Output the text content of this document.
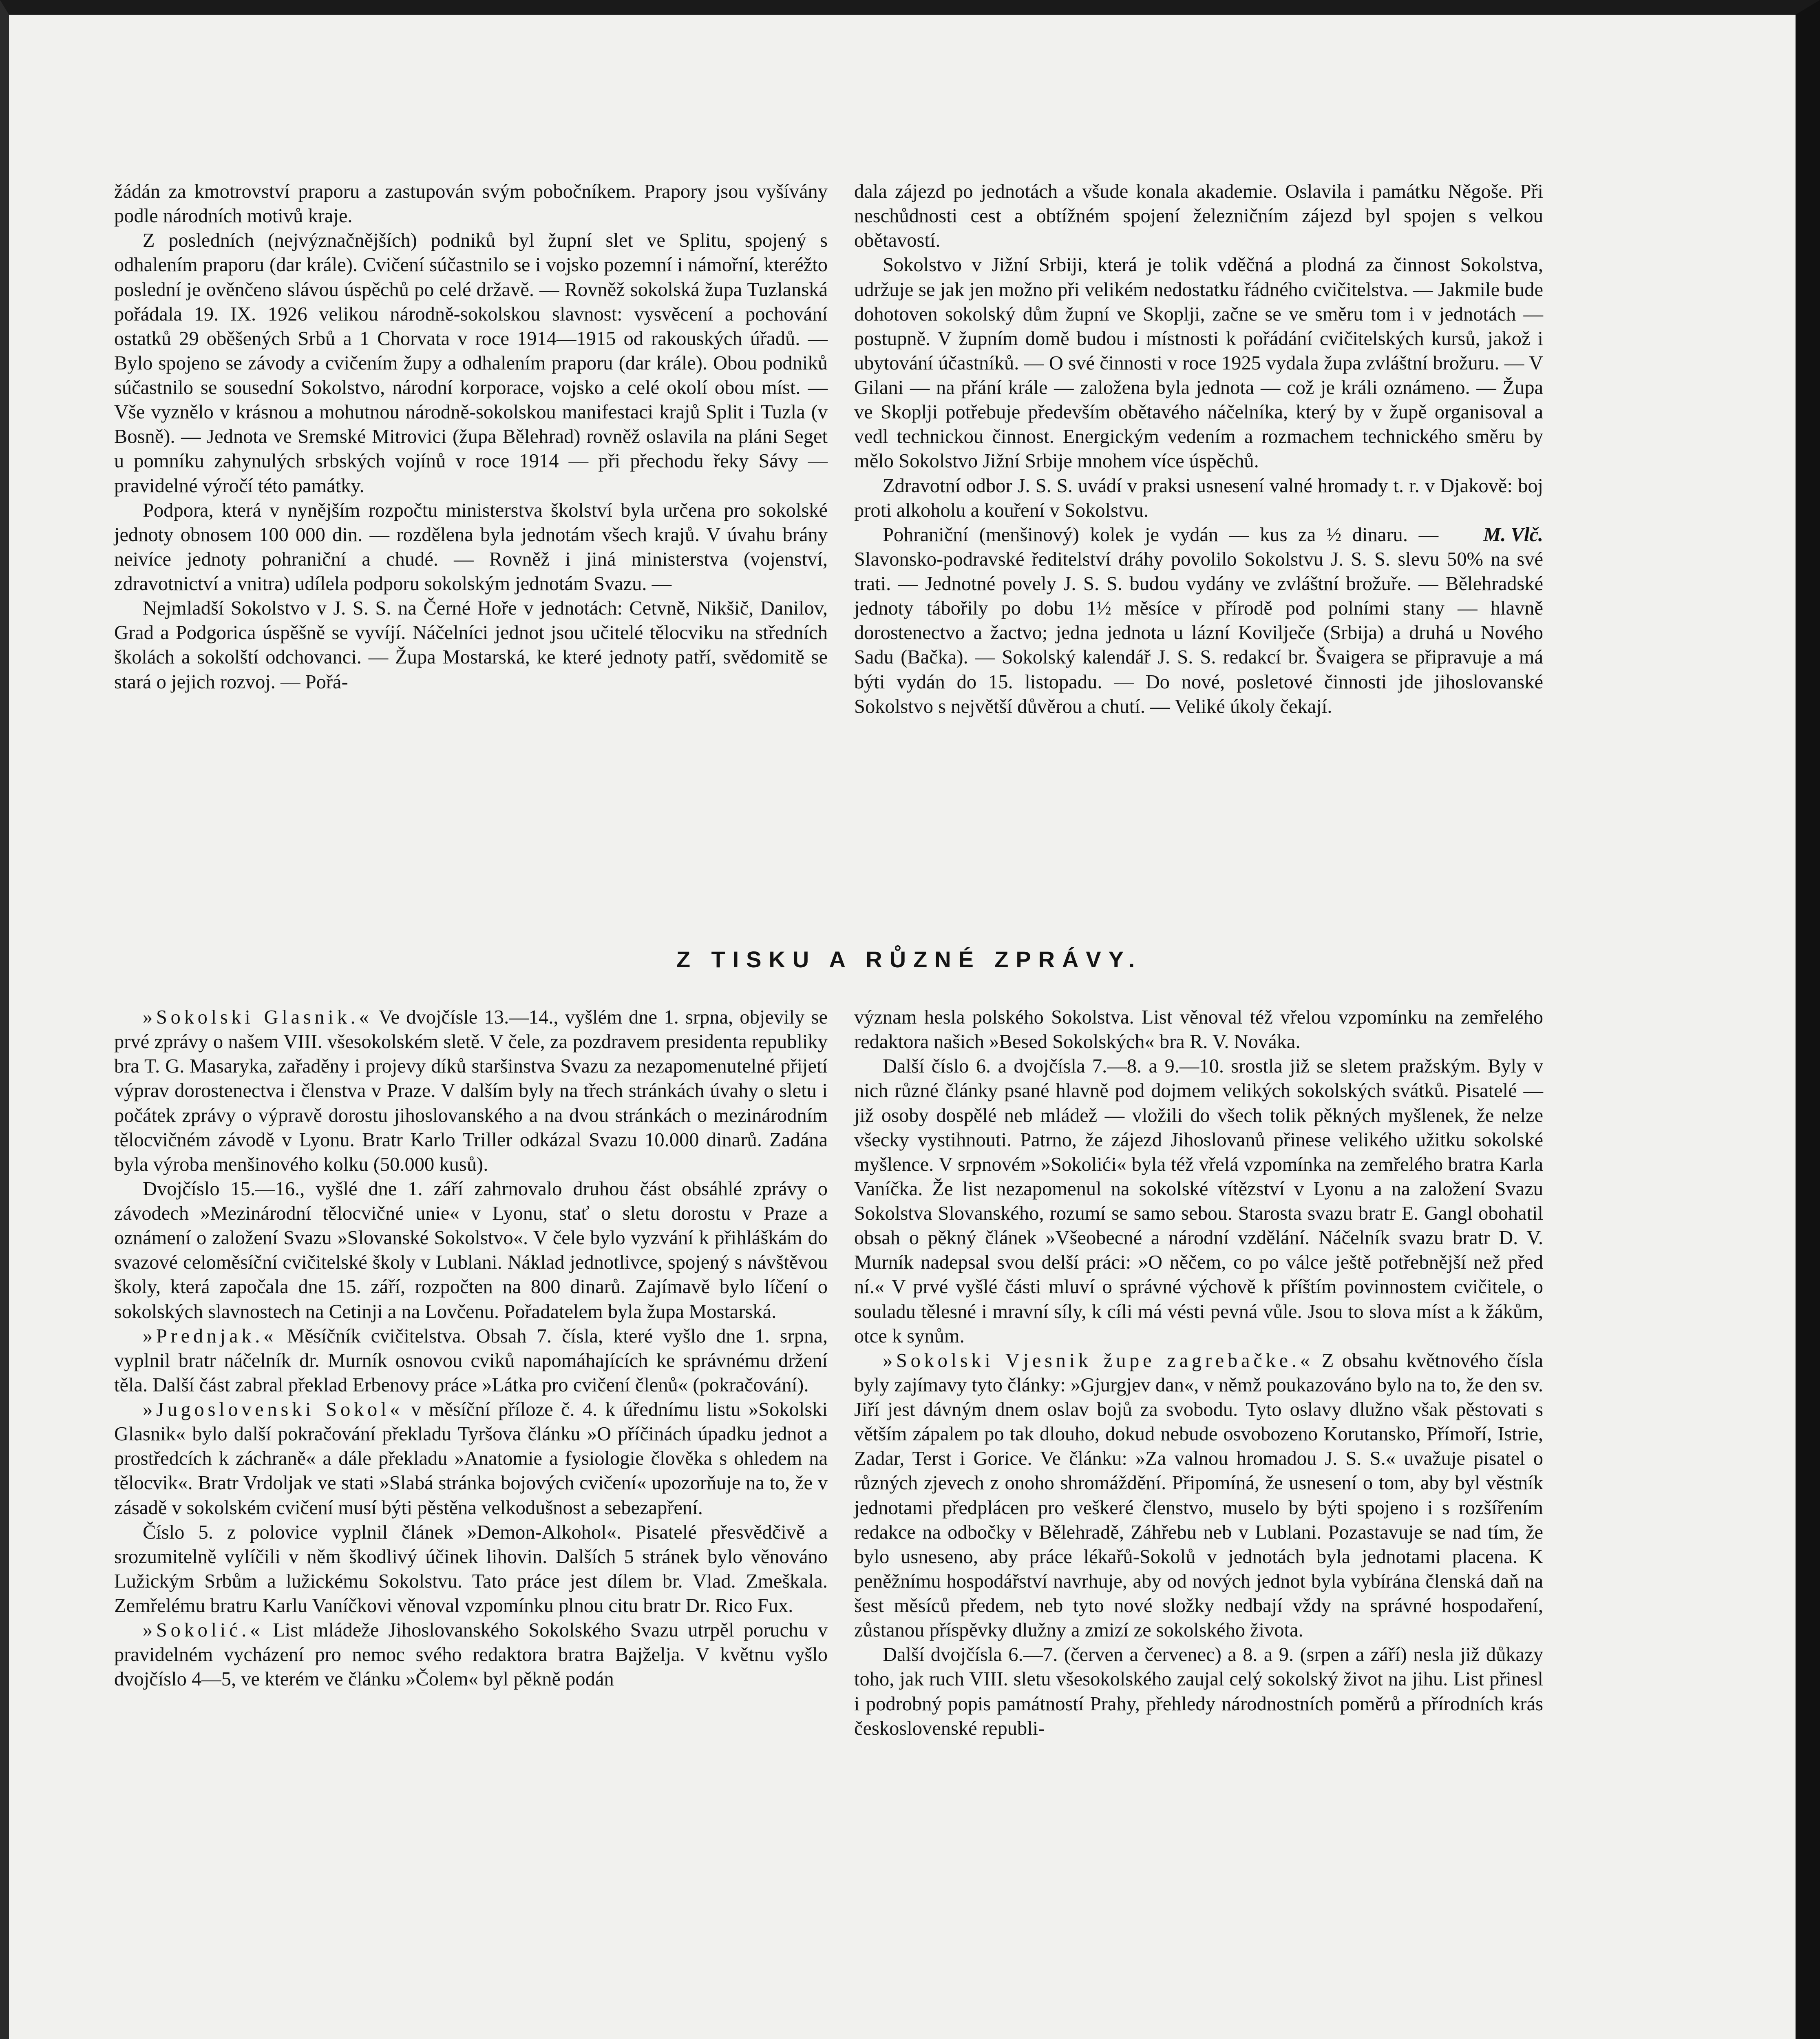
žádán za kmotrovství praporu a zastupován svým pobočníkem. Prapory jsou vyšívány podle národních motivů kraje.

Z posledních (nejvýznačnějších) podniků byl župní slet ve Splitu, spojený s odhalením praporu (dar krále). Cvičení súčastnilo se i vojsko pozemní i námořní, kteréžto poslední je ověnčeno slávou úspěchů po celé državě. — Rovněž sokolská župa Tuzlanská pořádala 19. IX. 1926 velikou národně-sokolskou slavnost: vysvěcení a pochování ostatků 29 oběšených Srbů a 1 Chorvata v roce 1914—1915 od rakouských úřadů. — Bylo spojeno se závody a cvičením župy a odhalením praporu (dar krále). Obou podniků súčastnilo se sousední Sokolstvo, národní korporace, vojsko a celé okolí obou míst. — Vše vyznělo v krásnou a mohutnou národně-sokolskou manifestaci krajů Split i Tuzla (v Bosně). — Jednota ve Sremské Mitrovici (župa Bělehrad) rovněž oslavila na pláni Seget u pomníku zahynulých srbských vojínů v roce 1914 — při přechodu řeky Sávy — pravidelné výročí této památky.

Podpora, která v nynějším rozpočtu ministerstva školství byla určena pro sokolské jednoty obnosem 100 000 din. — rozdělena byla jednotám všech krajů. V úvahu brány neivíce jednoty pohraniční a chudé. — Rovněž i jiná ministerstva (vojenství, zdravotnictví a vnitra) udílela podporu sokolským jednotám Svazu. —

Nejmladší Sokolstvo v J. S. S. na Černé Hoře v jednotách: Cetvně, Nikšič, Danilov, Grad a Podgorica úspěšně se vyvíjí. Náčelníci jednot jsou učitelé tělocviku na středních školách a sokolští odchovanci. — Župa Mostarská, ke které jednoty patří, svědomitě se stará o jejich rozvoj. — Pořá-

dala zájezd po jednotách a všude konala akademie. Oslavila i památku Něgoše. Při neschůdnosti cest a obtížném spojení železničním zájezd byl spojen s velkou obětavostí.

Sokolstvo v Jižní Srbiji, která je tolik vděčná a plodná za činnost Sokolstva, udržuje se jak jen možno při velikém nedostatku řádného cvičitelstva. — Jakmile bude dohotoven sokolský dům župní ve Skoplji, začne se ve směru tom i v jednotách — postupně. V župním domě budou i místnosti k pořádání cvičitelských kursů, jakož i ubytování účastníků. — O své činnosti v roce 1925 vydala župa zvláštní brožuru. — V Gilani — na přání krále — založena byla jednota — což je králi oznámeno. — Župa ve Skoplji potřebuje především obětavého náčelníka, který by v župě organisoval a vedl technickou činnost. Energickým vedením a rozmachem technického směru by mělo Sokolstvo Jižní Srbije mnohem více úspěchů.

Zdravotní odbor J. S. S. uvádí v praksi usnesení valné hromady t. r. v Djakově: boj proti alkoholu a kouření v Sokolstvu.

M. Vlč.
Pohraniční (menšinový) kolek je vydán — kus za ½ dinaru. — Slavonsko-podravské ředitelství dráhy povolilo Sokolstvu J. S. S. slevu 50% na své trati. — Jednotné povely J. S. S. budou vydány ve zvláštní brožuře. — Bělehradské jednoty tábořily po dobu 1½ měsíce v přírodě pod polními stany — hlavně dorostenectvo a žactvo; jedna jednota u lázní Kovilječe (Srbija) a druhá u Nového Sadu (Bačka). — Sokolský kalendář J. S. S. redakcí br. Švaigera se připravuje a má býti vydán do 15. listopadu. — Do nové, posletové činnosti jde jihoslovanské Sokolstvo s největší důvěrou a chutí. — Veliké úkoly čekají.

Z TISKU A RŮZNÉ ZPRÁVY.

»Sokolski Glasnik.« Ve dvojčísle 13.—14., vyšlém dne 1. srpna, objevily se prvé zprávy o našem VIII. všesokolském sletě. V čele, za pozdravem presidenta republiky bra T. G. Masaryka, zařaděny i projevy díků staršinstva Svazu za nezapomenutelné přijetí výprav dorostenectva i členstva v Praze. V dalším byly na třech stránkách úvahy o sletu i počátek zprávy o výpravě dorostu jihoslovanského a na dvou stránkách o mezinárodním tělocvičném závodě v Lyonu. Bratr Karlo Triller odkázal Svazu 10.000 dinarů. Zadána byla výroba menšinového kolku (50.000 kusů).

Dvojčíslo 15.—16., vyšlé dne 1. září zahrnovalo druhou část obsáhlé zprávy o závodech »Mezinárodní tělocvičné unie« v Lyonu, stať o sletu dorostu v Praze a oznámení o založení Svazu »Slovanské Sokolstvo«. V čele bylo vyzvání k přihláškám do svazové celoměsíční cvičitelské školy v Lublani. Náklad jednotlivce, spojený s návštěvou školy, která započala dne 15. září, rozpočten na 800 dinarů. Zajímavě bylo líčení o sokolských slavnostech na Cetinji a na Lovčenu. Pořadatelem byla župa Mostarská.

»Prednjak.« Měsíčník cvičitelstva. Obsah 7. čísla, které vyšlo dne 1. srpna, vyplnil bratr náčelník dr. Murník osnovou cviků napomáhajících ke správnému držení těla. Další část zabral překlad Erbenovy práce »Látka pro cvičení členů« (pokračování).

»Jugoslovenski Sokol« v měsíční příloze č. 4. k úřednímu listu »Sokolski Glasnik« bylo další pokračování překladu Tyršova článku »O příčinách úpadku jednot a prostředcích k záchraně« a dále překladu »Anatomie a fysiologie člověka s ohledem na tělocvik«. Bratr Vrdoljak ve stati »Slabá stránka bojových cvičení« upozorňuje na to, že v zásadě v sokolském cvičení musí býti pěstěna velkodušnost a sebezapření.

Číslo 5. z polovice vyplnil článek »Demon-Alkohol«. Pisatelé přesvědčivě a srozumitelně vylíčili v něm škodlivý účinek lihovin. Dalších 5 stránek bylo věnováno Lužickým Srbům a lužickému Sokolstvu. Tato práce jest dílem br. Vlad. Zmeškala. Zemřelému bratru Karlu Vaníčkovi věnoval vzpomínku plnou citu bratr Dr. Rico Fux.

»Sokolić.« List mládeže Jihoslovanského Sokolského Svazu utrpěl poruchu v pravidelném vycházení pro nemoc svého redaktora bratra Bajželja. V květnu vyšlo dvojčíslo 4—5, ve kterém ve článku »Čolem« byl pěkně podán

význam hesla polského Sokolstva. List věnoval též vřelou vzpomínku na zemřelého redaktora našich »Besed Sokolských« bra R. V. Nováka.

Další číslo 6. a dvojčísla 7.—8. a 9.—10. srostla již se sletem pražským. Byly v nich různé články psané hlavně pod dojmem velikých sokolských svátků. Pisatelé — již osoby dospělé neb mládež — vložili do všech tolik pěkných myšlenek, že nelze všecky vystihnouti. Patrno, že zájezd Jihoslovanů přinese velikého užitku sokolské myšlence. V srpnovém »Sokolići« byla též vřelá vzpomínka na zemřelého bratra Karla Vaníčka. Že list nezapomenul na sokolské vítězství v Lyonu a na založení Svazu Sokolstva Slovanského, rozumí se samo sebou. Starosta svazu bratr E. Gangl obohatil obsah o pěkný článek »Všeobecné a národní vzdělání. Náčelník svazu bratr D. V. Murník nadepsal svou delší práci: »O něčem, co po válce ještě potřebnější než před ní.« V prvé vyšlé části mluví o správné výchově k příštím povinnostem cvičitele, o souladu tělesné i mravní síly, k cíli má vésti pevná vůle. Jsou to slova míst a k žákům, otce k synům.

»Sokolski Vjesnik župe zagrebačke.« Z obsahu květnového čísla byly zajímavy tyto články: »Gjurgjev dan«, v němž poukazováno bylo na to, že den sv. Jiří jest dávným dnem oslav bojů za svobodu. Tyto oslavy dlužno však pěstovati s větším zápalem po tak dlouho, dokud nebude osvobozeno Korutansko, Přímoří, Istrie, Zadar, Terst i Gorice. Ve článku: »Za valnou hromadou J. S. S.« uvažuje pisatel o různých zjevech z onoho shromáždění. Připomíná, že usnesení o tom, aby byl věstník jednotami předplácen pro veškeré členstvo, muselo by býti spojeno i s rozšířením redakce na odbočky v Bělehradě, Záhřebu neb v Lublani. Pozastavuje se nad tím, že bylo usneseno, aby práce lékařů-Sokolů v jednotách byla jednotami placena. K peněžnímu hospodářství navrhuje, aby od nových jednot byla vybírána členská daň na šest měsíců předem, neb tyto nové složky nedbají vždy na správné hospodaření, zůstanou příspěvky dlužny a zmizí ze sokolského života.

Další dvojčísla 6.—7. (červen a červenec) a 8. a 9. (srpen a září) nesla již důkazy toho, jak ruch VIII. sletu všesokolského zaujal celý sokolský život na jihu. List přinesl i podrobný popis památností Prahy, přehledy národnostních poměrů a přírodních krás československé republi-
